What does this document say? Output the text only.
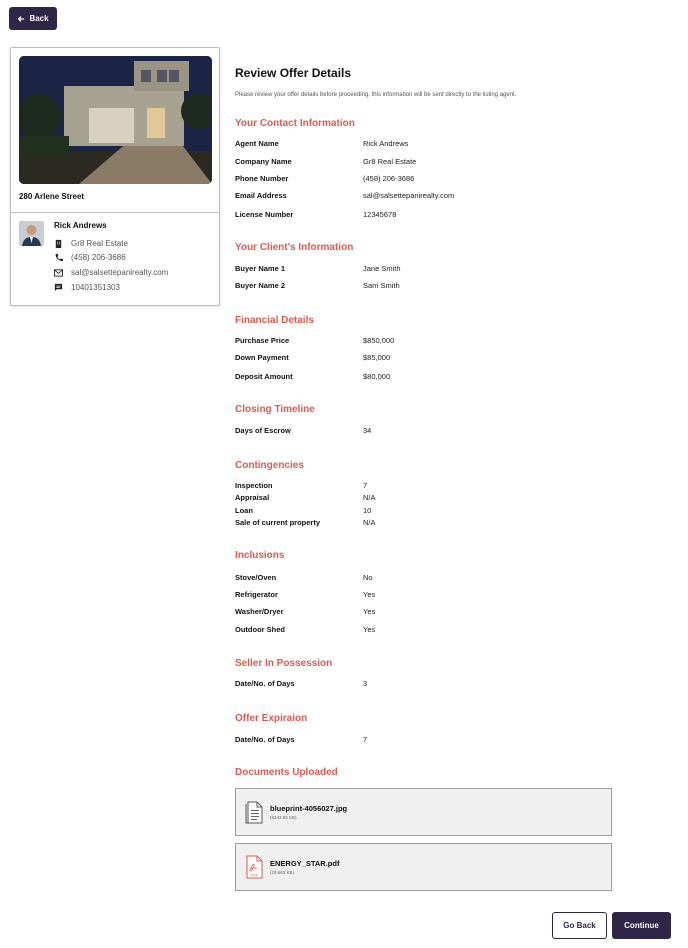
Back
280 Arlene Street
Rick Andrews
Gr8 Real Estate
(458) 206-3686
sal@salsettepanirealty.com
10401351303
Review Offer Details
Please review your offer details before proceeding, this information will be sent directly to the listing agent.
Your Contact Information
Agent Name	Rick Andrews
Company Name	Gr8 Real Estate
Phone Number	(458) 206-3686
Email Address	sal@salsettepanirealty.com
License Number	12345678
Your Client's Information
Buyer Name 1	Jane Smith
Buyer Name 2	Sam Smith
Financial Details
Purchase Price	$850,000
Down Payment	$85,000
Deposit Amount	$80,000
Closing Timeline
Days of Escrow	34
Contingencies
Inspection	7
Appraisal	N/A
Loan	10
Sale of current property	N/A
Inclusions
Stove/Oven	No
Refrigerator	Yes
Washer/Dryer	Yes
Outdoor Shed	Yes
Seller In Possession
Date/No. of Days	3
Offer Expiraion
Date/No. of Days	7
Documents Uploaded
blueprint-4056027.jpg
(6243.95 KB)
PDF
ENERGY_STAR.pdf
(29.663 KB)
Go Back	Continue
